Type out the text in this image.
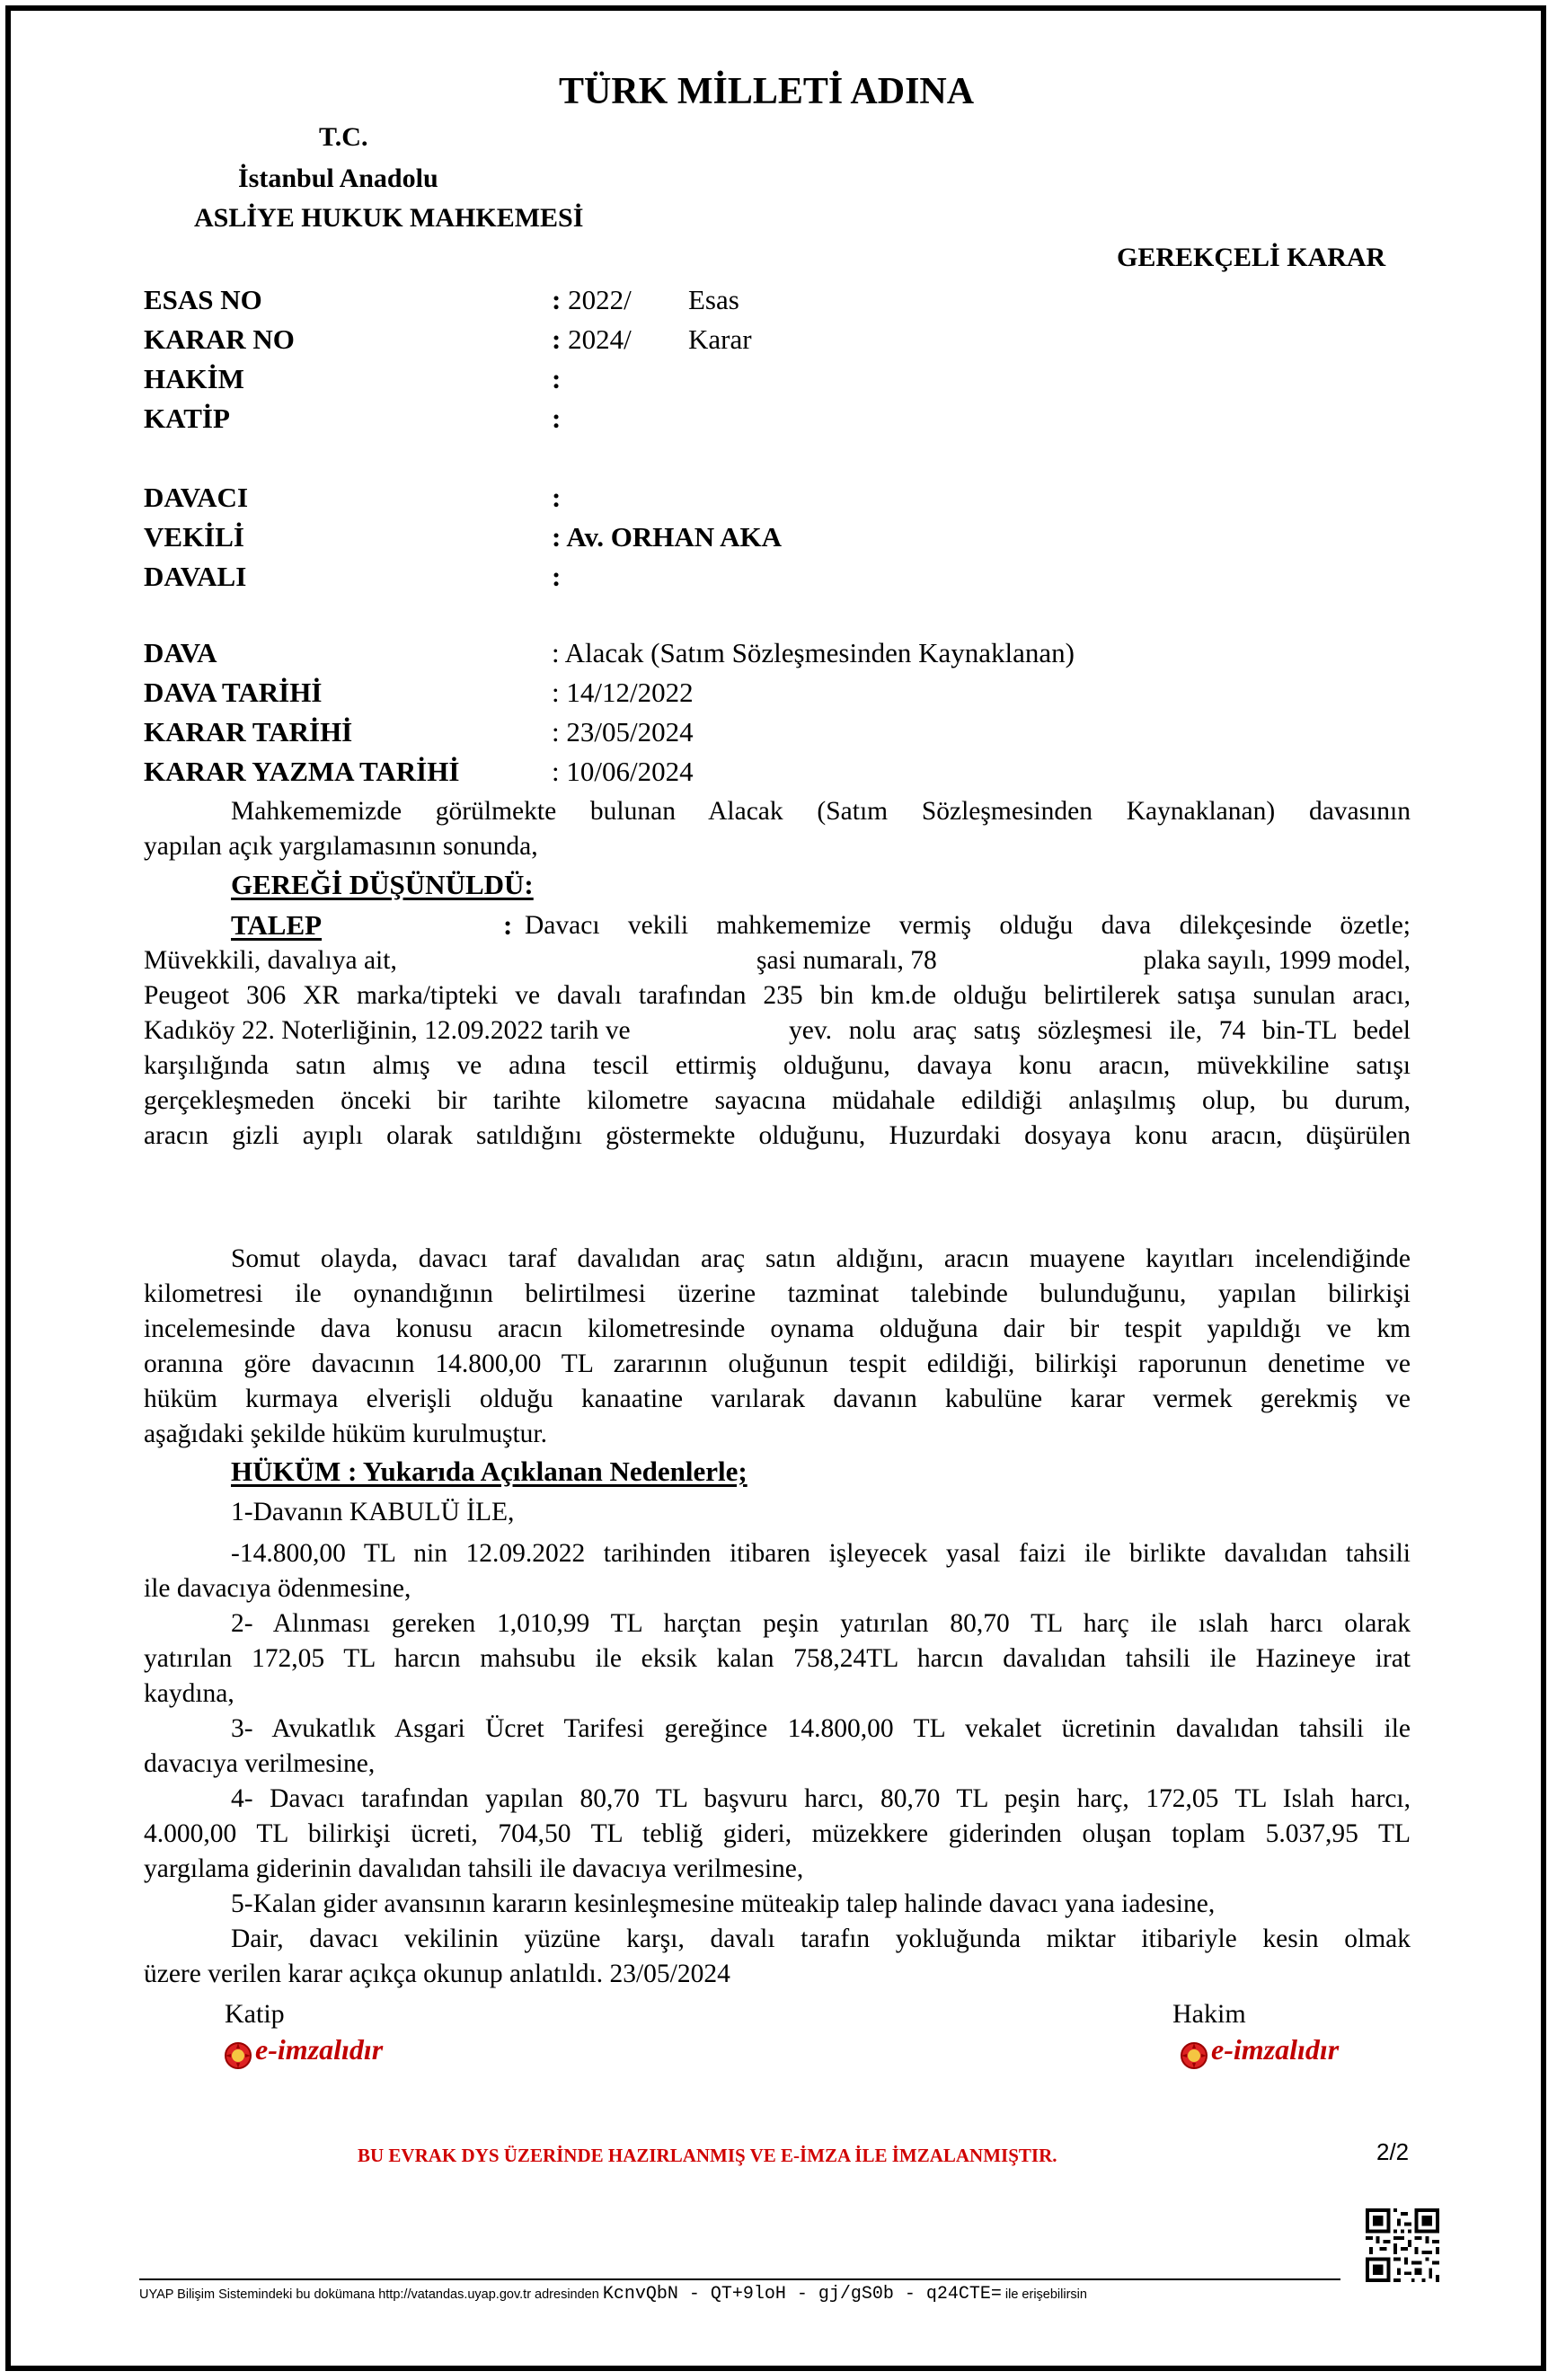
TÜRK MİLLETİ ADINA
T.C.
İstanbul Anadolu
ASLİYE HUKUK MAHKEMESİ
GEREKÇELİ KARAR
ESAS NO	: 2022/ Esas
KARAR NO	: 2024/ Karar
HAKİM	:
KATİP	:
DAVACI	:
VEKİLİ	: Av. ORHAN AKA
DAVALI	:
DAVA	: Alacak (Satım Sözleşmesinden Kaynaklanan)
DAVA TARİHİ	: 14/12/2022
KARAR TARİHİ	: 23/05/2024
KARAR YAZMA TARİHİ	: 10/06/2024
Mahkememizde görülmekte bulunan Alacak (Satım Sözleşmesinden Kaynaklanan) davasının
yapılan açık yargılamasının sonunda,
GEREĞİ DÜŞÜNÜLDÜ:
TALEP	: Davacı vekili mahkememize vermiş olduğu dava dilekçesinde özetle;
Müvekkili, davalıya ait,	şasi numaralı, 78	plaka sayılı, 1999 model,
Peugeot 306 XR marka/tipteki ve davalı tarafından 235 bin km.de olduğu belirtilerek satışa sunulan aracı,
Kadıköy 22. Noterliğinin, 12.09.2022 tarih ve	yev. nolu araç satış sözleşmesi ile, 74 bin-TL bedel
karşılığında satın almış ve adına tescil ettirmiş olduğunu, davaya konu aracın, müvekkiline satışı
gerçekleşmeden önceki bir tarihte kilometre sayacına müdahale edildiği anlaşılmış olup, bu durum,
aracın gizli ayıplı olarak satıldığını göstermekte olduğunu, Huzurdaki dosyaya konu aracın, düşürülen
Somut olayda, davacı taraf davalıdan araç satın aldığını, aracın muayene kayıtları incelendiğinde
kilometresi ile oynandığının belirtilmesi üzerine tazminat talebinde bulunduğunu, yapılan bilirkişi
incelemesinde dava konusu aracın kilometresinde oynama olduğuna dair bir tespit yapıldığı ve km
oranına göre davacının 14.800,00 TL zararının oluğunun tespit edildiği, bilirkişi raporunun denetime ve
hüküm kurmaya elverişli olduğu kanaatine varılarak davanın kabulüne karar vermek gerekmiş ve
aşağıdaki şekilde hüküm kurulmuştur.
HÜKÜM : Yukarıda Açıklanan Nedenlerle;
1-Davanın KABULÜ İLE,
-14.800,00 TL nin 12.09.2022 tarihinden itibaren işleyecek yasal faizi ile birlikte davalıdan tahsili
ile davacıya ödenmesine,
2- Alınması gereken 1,010,99 TL harçtan peşin yatırılan 80,70 TL harç ile ıslah harcı olarak
yatırılan 172,05 TL harcın mahsubu ile eksik kalan 758,24TL harcın davalıdan tahsili ile Hazineye irat
kaydına,
3- Avukatlık Asgari Ücret Tarifesi gereğince 14.800,00 TL vekalet ücretinin davalıdan tahsili ile
davacıya verilmesine,
4- Davacı tarafından yapılan 80,70 TL başvuru harcı, 80,70 TL peşin harç, 172,05 TL Islah harcı,
4.000,00 TL bilirkişi ücreti, 704,50 TL tebliğ gideri, müzekkere giderinden oluşan toplam 5.037,95 TL
yargılama giderinin davalıdan tahsili ile davacıya verilmesine,
5-Kalan gider avansının kararın kesinleşmesine müteakip talep halinde davacı yana iadesine,
Dair, davacı vekilinin yüzüne karşı, davalı tarafın yokluğunda miktar itibariyle kesin olmak
üzere verilen karar açıkça okunup anlatıldı. 23/05/2024
Katip
e-imzalıdır
Hakim
e-imzalıdır
BU EVRAK DYS ÜZERİNDE HAZIRLANMIŞ VE E-İMZA İLE İMZALANMIŞTIR.	2/2
UYAP Bilişim Sistemindeki bu dokümana http://vatandas.uyap.gov.tr adresinden KcnvQbN - QT+9loH - gj/gS0b - q24CTE= ile erişebilirsin
